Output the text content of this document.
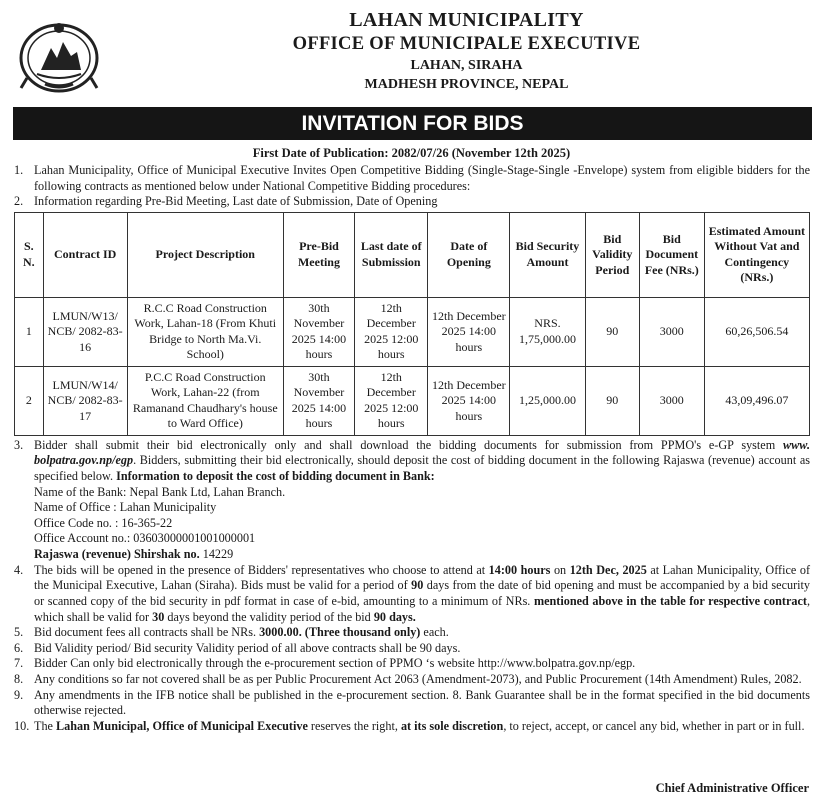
LAHAN MUNICIPALITY
OFFICE OF MUNICIPALE EXECUTIVE
LAHAN, SIRAHA
MADHESH PROVINCE, NEPAL
INVITATION FOR BIDS
First Date of Publication: 2082/07/26 (November 12th 2025)
1. Lahan Municipality, Office of Municipal Executive Invites Open Competitive Bidding (Single-Stage-Single -Envelope) system from eligible bidders for the following contracts as mentioned below under National Competitive Bidding procedures:
2. Information regarding Pre-Bid Meeting, Last date of Submission, Date of Opening
S. N.	Contract ID	Project Description	Pre-Bid Meeting	Last date of Submission	Date of Opening	Bid Security Amount	Bid Validity Period	Bid Document Fee (NRs.)	Estimated Amount Without Vat and Contingency (NRs.)
1	LMUN/W13/ NCB/ 2082-83-16	R.C.C Road Construction Work, Lahan-18 (From Khuti Bridge to North Ma.Vi. School)	30th November 2025 14:00 hours	12th December 2025 12:00 hours	12th December 2025 14:00 hours	NRS. 1,75,000.00	90	3000	60,26,506.54
2	LMUN/W14/ NCB/ 2082-83-17	P.C.C Road Construction Work, Lahan-22 (from Ramanand Chaudhary's house to Ward Office)	30th November 2025 14:00 hours	12th December 2025 12:00 hours	12th December 2025 14:00 hours	1,25,000.00	90	3000	43,09,496.07
3. Bidder shall submit their bid electronically only and shall download the bidding documents for submission from PPMO's e-GP system www. bolpatra.gov.np/egp. Bidders, submitting their bid electronically, should deposit the cost of bidding document in the following Rajaswa (revenue) account as specified below. Information to deposit the cost of bidding document in Bank:
Name of the Bank: Nepal Bank Ltd, Lahan Branch.
Name of Office : Lahan Municipality
Office Code no. : 16-365-22
Office Account no.: 03603000001001000001
Rajaswa (revenue) Shirshak no. 14229
4. The bids will be opened in the presence of Bidders' representatives who choose to attend at 14:00 hours on 12th Dec, 2025 at Lahan Municipality, Office of the Municipal Executive, Lahan (Siraha). Bids must be valid for a period of 90 days from the date of bid opening and must be accompanied by a bid security or scanned copy of the bid security in pdf format in case of e-bid, amounting to a minimum of NRs. mentioned above in the table for respective contract, which shall be valid for 30 days beyond the validity period of the bid 90 days.
5. Bid document fees all contracts shall be NRs. 3000.00. (Three thousand only) each.
6. Bid Validity period/ Bid security Validity period of all above contracts shall be 90 days.
7. Bidder Can only bid electronically through the e-procurement section of PPMO ‘s website http://www.bolpatra.gov.np/egp.
8. Any conditions so far not covered shall be as per Public Procurement Act 2063 (Amendment-2073), and Public Procurement (14th Amendment) Rules, 2082.
9. Any amendments in the IFB notice shall be published in the e-procurement section. 8. Bank Guarantee shall be in the format specified in the bid documents otherwise rejected.
10. The Lahan Municipal, Office of Municipal Executive reserves the right, at its sole discretion, to reject, accept, or cancel any bid, whether in part or in full.
Chief Administrative Officer
